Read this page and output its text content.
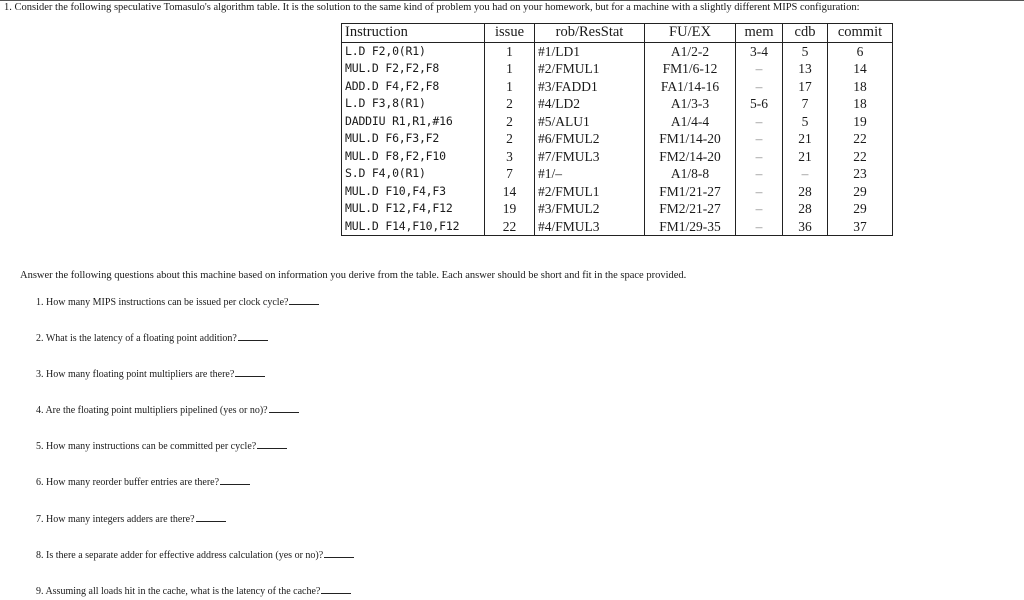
1. Consider the following speculative Tomasulo's algorithm table. It is the solution to the same kind of problem you had on your homework, but for a machine with a slightly different MIPS configuration:
Instruction	issue	rob/ResStat	FU/EX	mem	cdb	commit
L.D F2,0(R1)	1	#1/LD1	A1/2-2	3-4	5	6
MUL.D F2,F2,F8	1	#2/FMUL1	FM1/6-12	–	13	14
ADD.D F4,F2,F8	1	#3/FADD1	FA1/14-16	–	17	18
L.D F3,8(R1)	2	#4/LD2	A1/3-3	5-6	7	18
DADDIU R1,R1,#16	2	#5/ALU1	A1/4-4	–	5	19
MUL.D F6,F3,F2	2	#6/FMUL2	FM1/14-20	–	21	22
MUL.D F8,F2,F10	3	#7/FMUL3	FM2/14-20	–	21	22
S.D F4,0(R1)	7	#1/–	A1/8-8	–	–	23
MUL.D F10,F4,F3	14	#2/FMUL1	FM1/21-27	–	28	29
MUL.D F12,F4,F12	19	#3/FMUL2	FM2/21-27	–	28	29
MUL.D F14,F10,F12	22	#4/FMUL3	FM1/29-35	–	36	37
Answer the following questions about this machine based on information you derive from the table. Each answer should be short and fit in the space provided.
1. How many MIPS instructions can be issued per clock cycle?
2. What is the latency of a floating point addition?
3. How many floating point multipliers are there?
4. Are the floating point multipliers pipelined (yes or no)?
5. How many instructions can be committed per cycle?
6. How many reorder buffer entries are there?
7. How many integers adders are there?
8. Is there a separate adder for effective address calculation (yes or no)?
9. Assuming all loads hit in the cache, what is the latency of the cache?
